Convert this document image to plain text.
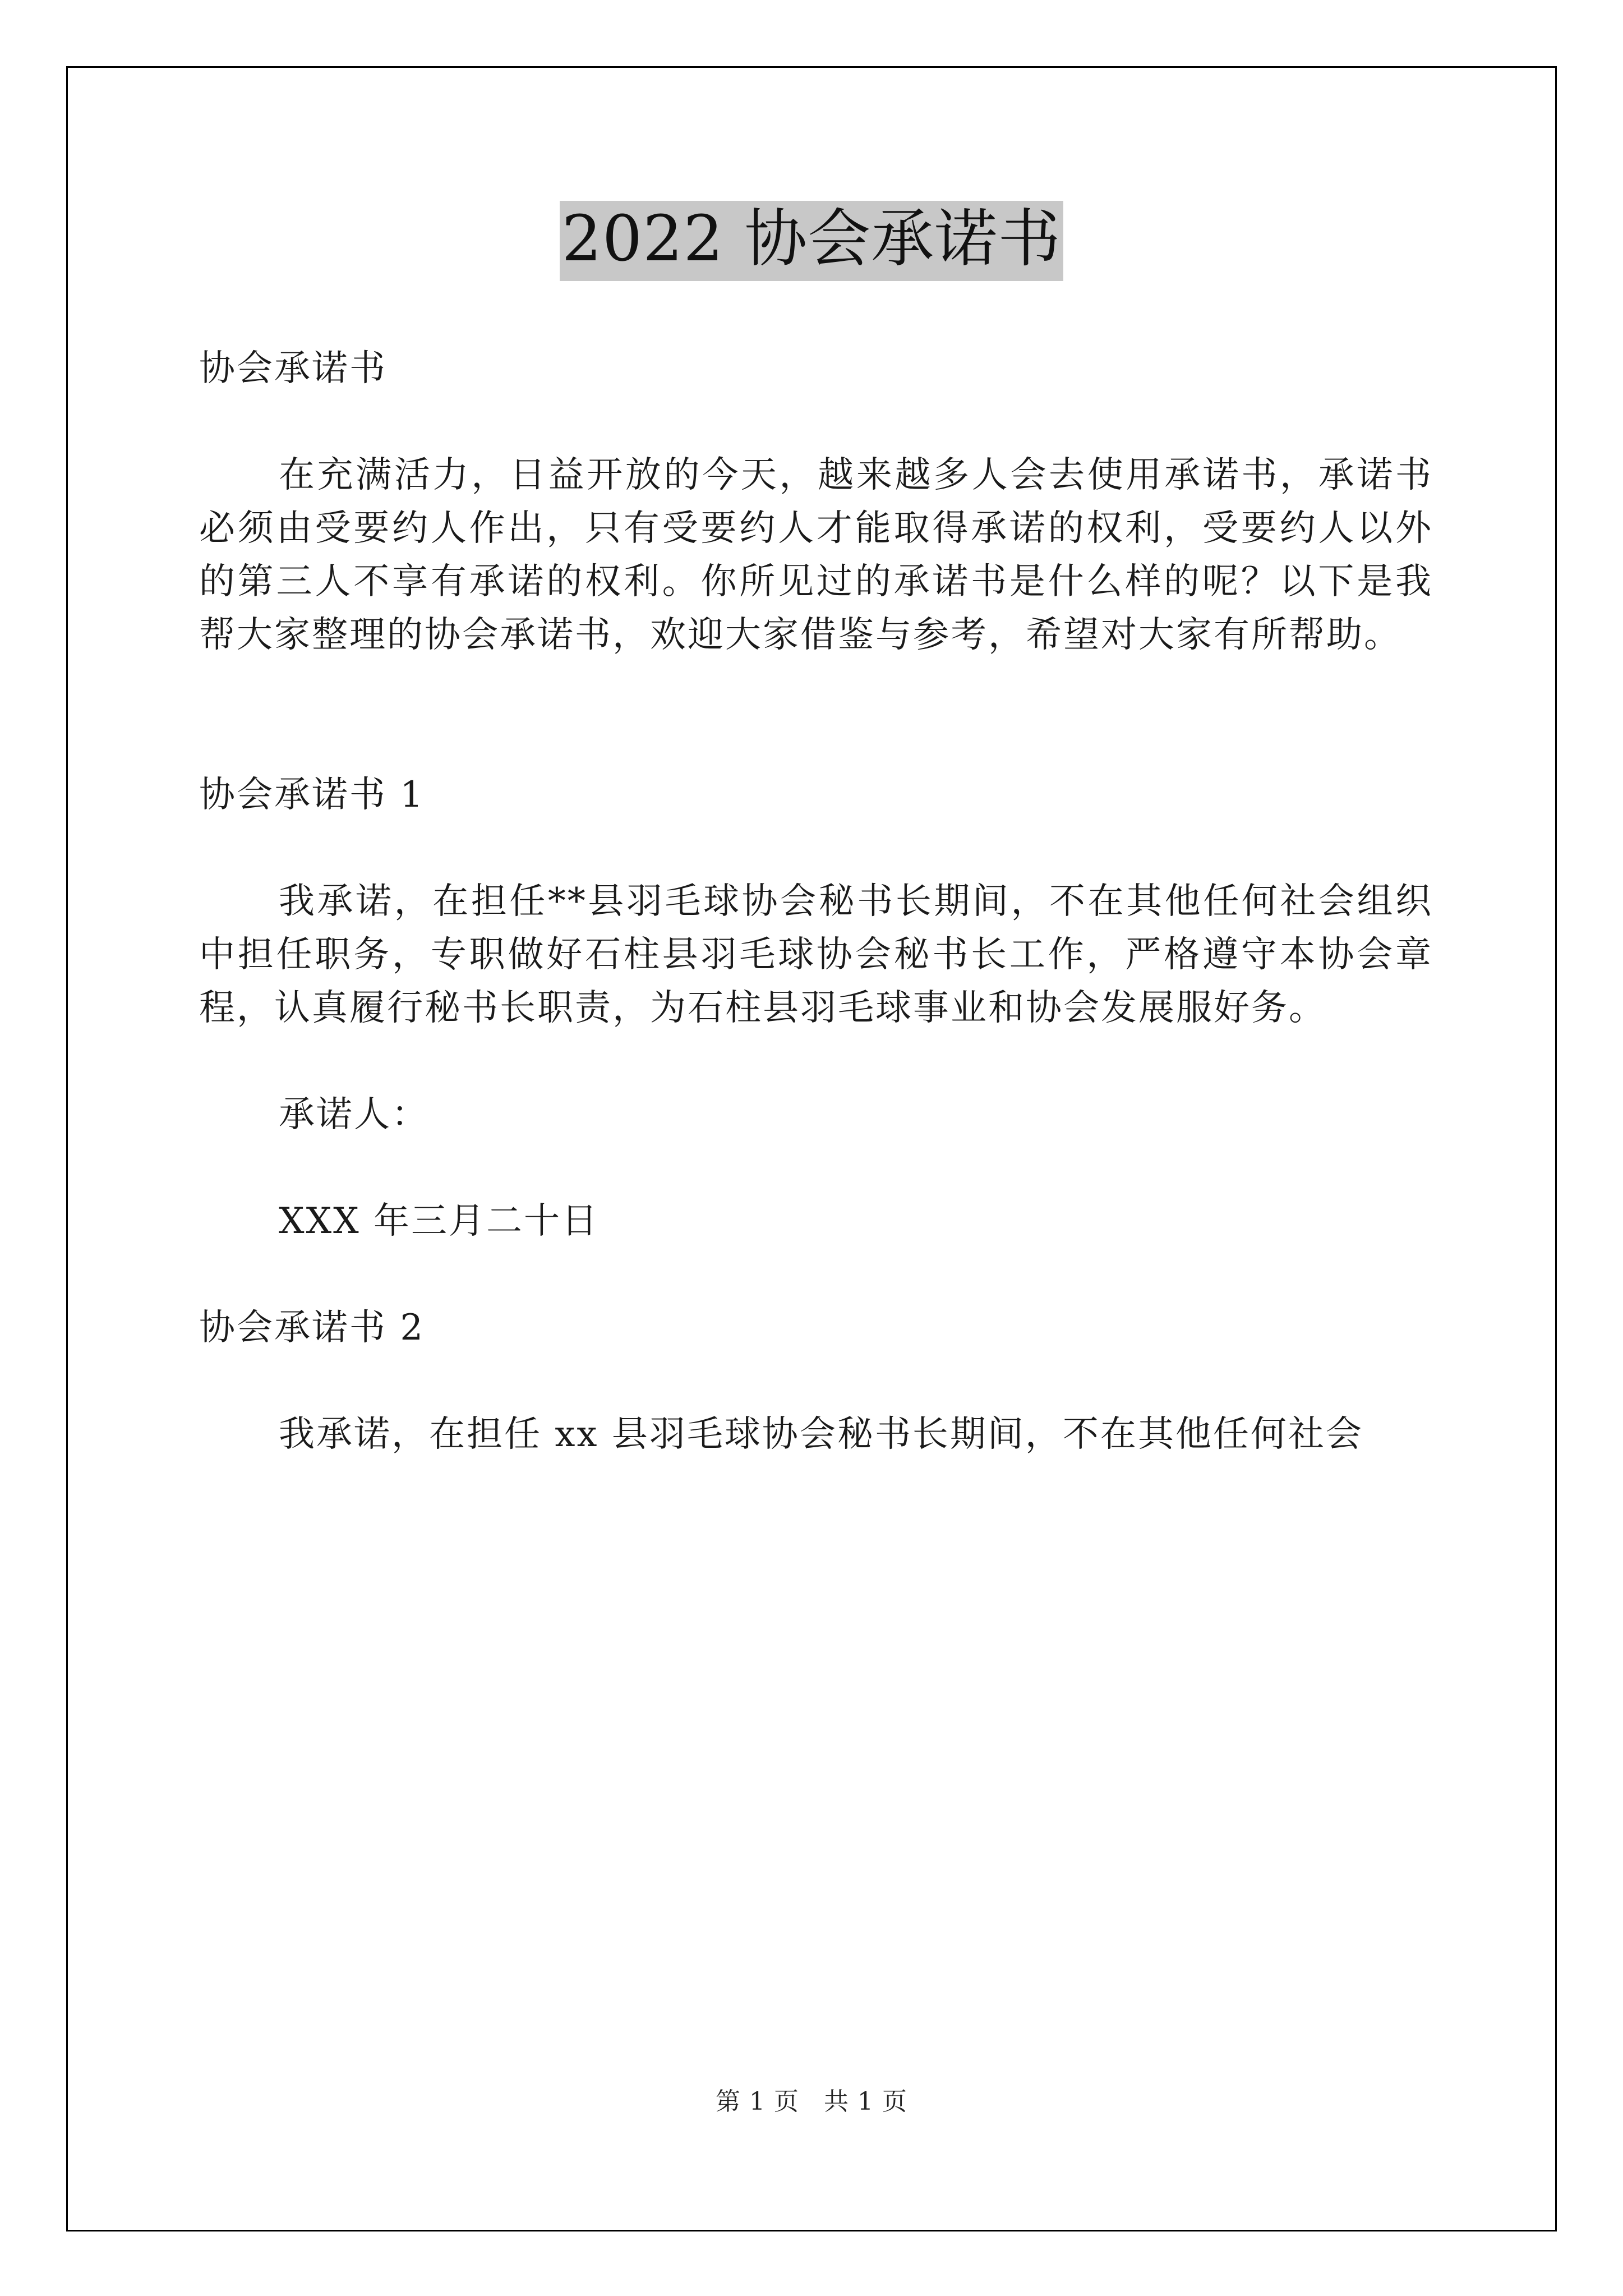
2022 协会承诺书

协会承诺书

在充满活力，日益开放的今天，越来越多人会去使用承诺书，承诺书必须由受要约人作出，只有受要约人才能取得承诺的权利，受要约人以外的第三人不享有承诺的权利。你所见过的承诺书是什么样的呢？以下是我帮大家整理的协会承诺书，欢迎大家借鉴与参考，希望对大家有所帮助。

协会承诺书 1

我承诺，在担任**县羽毛球协会秘书长期间，不在其他任何社会组织中担任职务，专职做好石柱县羽毛球协会秘书长工作，严格遵守本协会章程，认真履行秘书长职责，为石柱县羽毛球事业和协会发展服好务。

承诺人：

XXX 年三月二十日

协会承诺书 2

我承诺，在担任 xx 县羽毛球协会秘书长期间，不在其他任何社会

第 1 页 共 1 页
